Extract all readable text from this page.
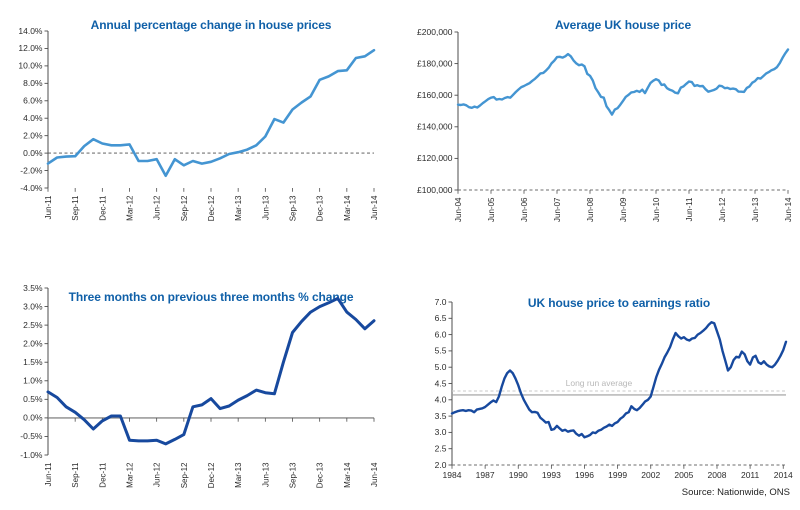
Annual percentage change in house prices
14.0%
12.0%
10.0%
8.0%
6.0%
4.0%
2.0%
0.0%
-2.0%
-4.0%
Jun-11 Sep-11 Dec-11 Mar-12 Jun-12 Sep-12 Dec-12 Mar-13 Jun-13 Sep-13 Dec-13 Mar-14 Jun-14
Average UK house price
£200,000
£180,000
£160,000
£140,000
£120,000
£100,000
Jun-04	Jun-05	Jun-06	Jun-07	Jun-08	Jun-09	Jun-10	Jun-11	Jun-12	Jun-13	Jun-14
Three months on previous three months % change
3.5%
3.0%
2.5%
2.0%
1.5%
1.0%
0.5%
0.0%
-0.5%
-1.0%
Jun-11 Sep-11 Dec-11 Mar-12 Jun-12 Sep-12 Dec-12 Mar-13 Jun-13 Sep-13 Dec-13 Mar-14 Jun-14
UK house price to earnings ratio
7.0
6.5
6.0
5.5
5.0
4.5
4.0
3.5
3.0
2.5
2.0
1984 1987 1990 1993 1996 1999 2002 2005 2008 2011 2014
Long run average
Source: Nationwide, ONS
